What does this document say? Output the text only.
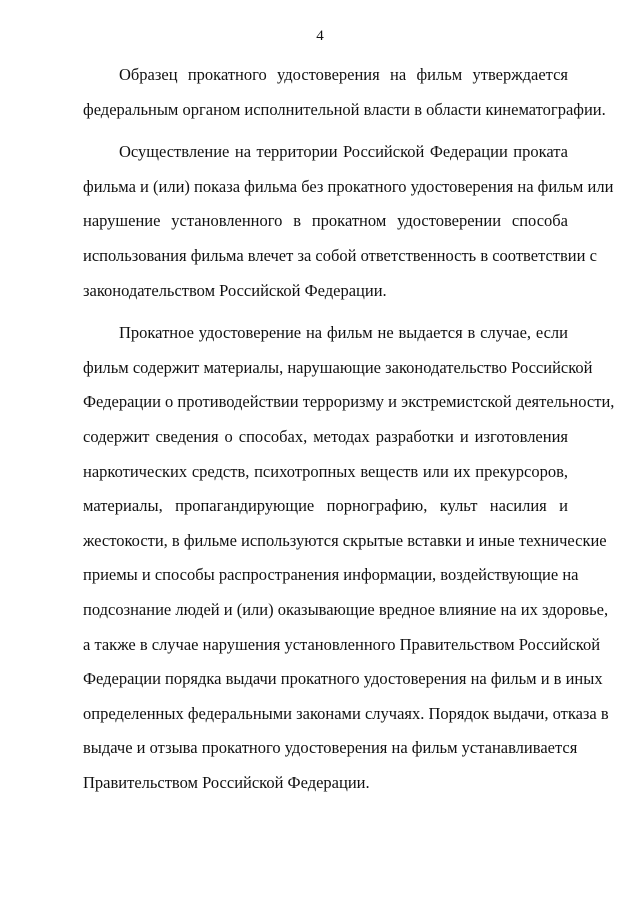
4

Образец прокатного удостоверения на фильм утверждается
федеральным органом исполнительной власти в области кинематографии.

Осуществление на территории Российской Федерации проката
фильма и (или) показа фильма без прокатного удостоверения на фильм или
нарушение установленного в прокатном удостоверении способа
использования фильма влечет за собой ответственность в соответствии с
законодательством Российской Федерации.

Прокатное удостоверение на фильм не выдается в случае, если
фильм содержит материалы, нарушающие законодательство Российской
Федерации о противодействии терроризму и экстремистской деятельности,
содержит сведения о способах, методах разработки и изготовления
наркотических средств, психотропных веществ или их прекурсоров,
материалы, пропагандирующие порнографию, культ насилия и
жестокости, в фильме используются скрытые вставки и иные технические
приемы и способы распространения информации, воздействующие на
подсознание людей и (или) оказывающие вредное влияние на их здоровье,
а также в случае нарушения установленного Правительством Российской
Федерации порядка выдачи прокатного удостоверения на фильм и в иных
определенных федеральными законами случаях. Порядок выдачи, отказа в
выдаче и отзыва прокатного удостоверения на фильм устанавливается
Правительством Российской Федерации.
